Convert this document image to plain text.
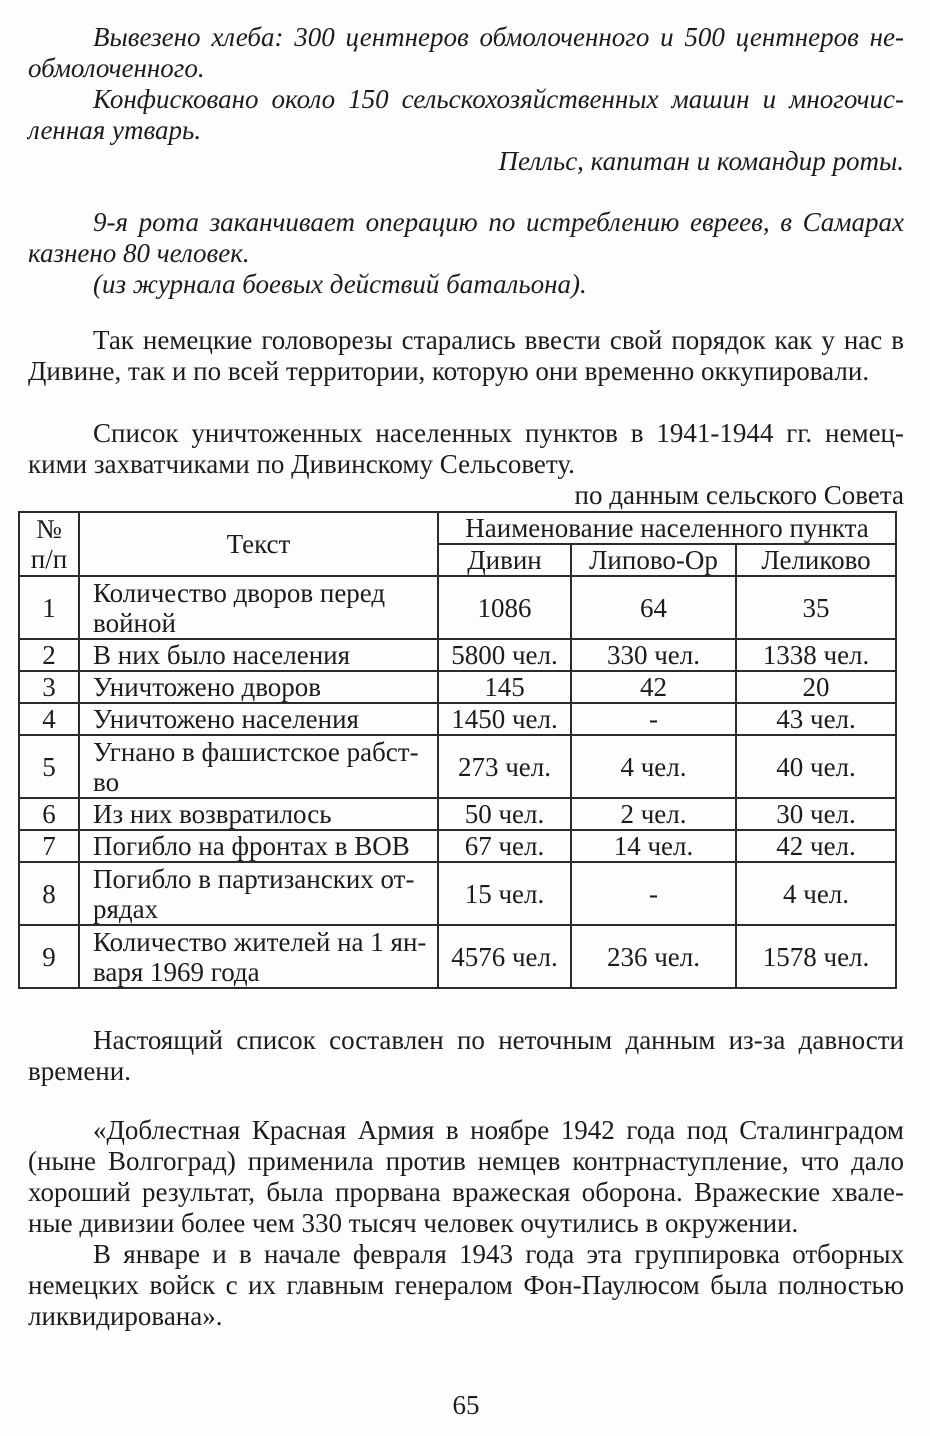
Вывезено хлеба: 300 центнеров обмолоченного и 500 центнеров не-обмолоченного.

Конфисковано около 150 сельскохозяйственных машин и многочис-ленная утварь.

Пелльс, капитан и командир роты.

9-я рота заканчивает операцию по истреблению евреев, в Самарах казнено 80 человек.

(из журнала боевых действий батальона).

Так немецкие головорезы старались ввести свой порядок как у нас в Дивине, так и по всей территории, которую они временно оккупировали.

Список уничтоженных населенных пунктов в 1941-1944 гг. немец-кими захватчиками по Дивинскому Сельсовету.

по данным сельского Совета

№
п/п	Текст	Наименование населенного пункта		
		Дивин	Липово-Ор	Леликово
1	Количество дворов перед войной	1086	64	35
2	В них было населения	5800 чел.	330 чел.	1338 чел.
3	Уничтожено дворов	145	42	20
4	Уничтожено населения	1450 чел.	-	43 чел.
5	Угнано в фашистское рабст-во	273 чел.	4 чел.	40 чел.
6	Из них возвратилось	50 чел.	2 чел.	30 чел.
7	Погибло на фронтах в ВОВ	67 чел.	14 чел.	42 чел.
8	Погибло в партизанских от-рядах	15 чел.	-	4 чел.
9	Количество жителей на 1 ян-варя 1969 года	4576 чел.	236 чел.	1578 чел.

Настоящий список составлен по неточным данным из-за давности времени.

«Доблестная Красная Армия в ноябре 1942 года под Сталинградом (ныне Волгоград) применила против немцев контрнаступление, что дало хороший результат, была прорвана вражеская оборона. Вражеские хвале-ные дивизии более чем 330 тысяч человек очутились в окружении.

В январе и в начале февраля 1943 года эта группировка отборных немецких войск с их главным генералом Фон-Паулюсом была полностью ликвидирована».

65
